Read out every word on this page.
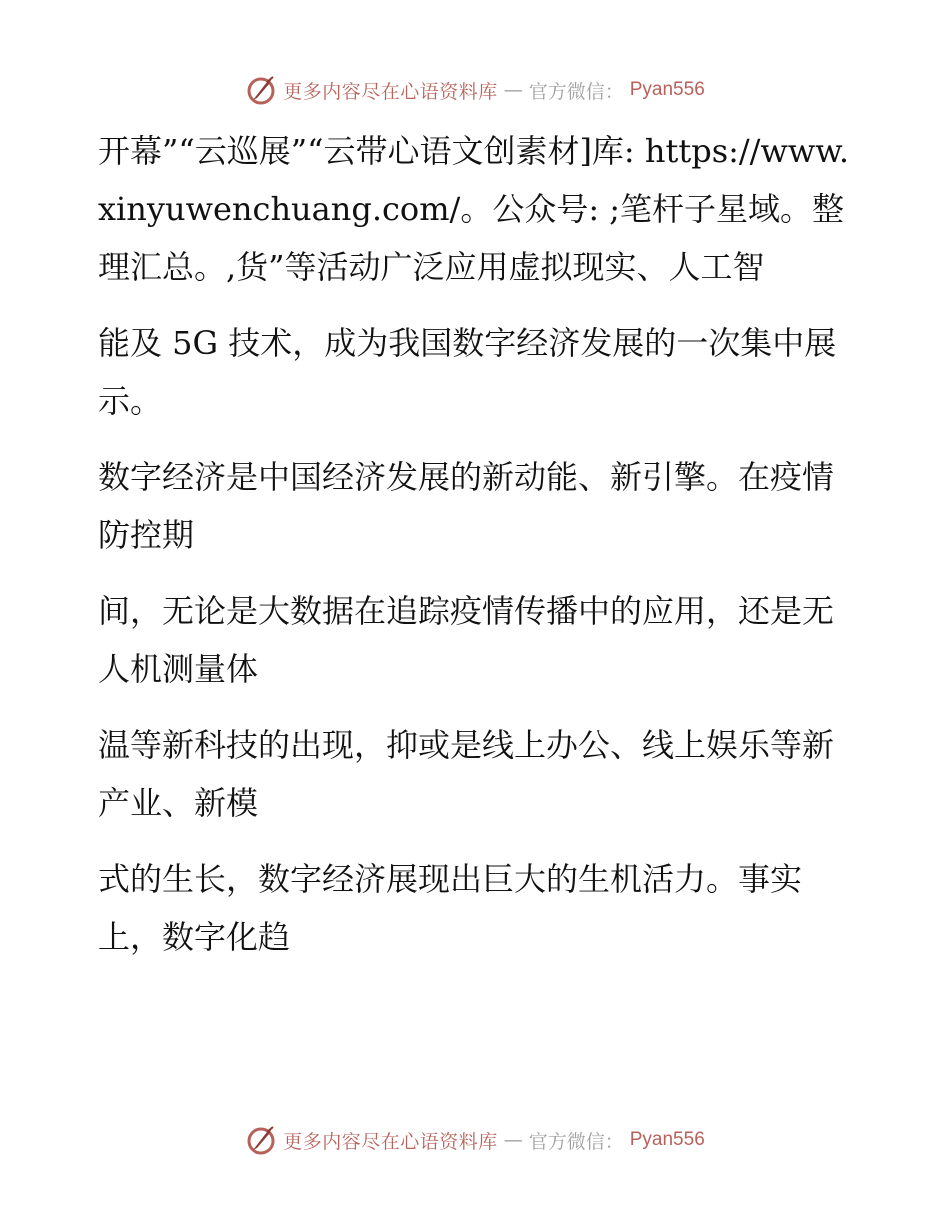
更多内容尽在心语资料库 — 官方微信： Pyan556

开幕”“云巡展”“云带心语文创素材]库: https://www.xinyuwenchuang.com/。公众号: ;笔杆子星域。整理汇总。,货”等活动广泛应用虚拟现实、人工智

能及 5G 技术，成为我国数字经济发展的一次集中展示。

数字经济是中国经济发展的新动能、新引擎。在疫情防控期

间，无论是大数据在追踪疫情传播中的应用，还是无人机测量体

温等新科技的出现，抑或是线上办公、线上娱乐等新产业、新模

式的生长，数字经济展现出巨大的生机活力。事实上，数字化趋

更多内容尽在心语资料库 — 官方微信： Pyan556
